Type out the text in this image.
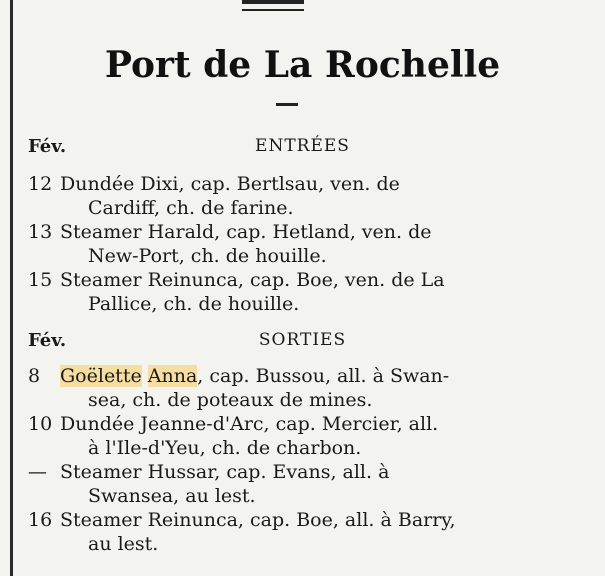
Port de La Rochelle
Fév.	ENTRÉES
12 Dundée Dixi, cap. Bertlsau, ven. de
Cardiff, ch. de farine.
13 Steamer Harald, cap. Hetland, ven. de
New-Port, ch. de houille.
15 Steamer Reinunca, cap. Boe, ven. de La
Pallice, ch. de houille.
Fév.	SORTIES
8 Goëlette Anna, cap. Bussou, all. à Swan-
sea, ch. de poteaux de mines.
10 Dundée Jeanne-d'Arc, cap. Mercier, all.
à l'Ile-d'Yeu, ch. de charbon.
— Steamer Hussar, cap. Evans, all. à
Swansea, au lest.
16 Steamer Reinunca, cap. Boe, all. à Barry,
au lest.
